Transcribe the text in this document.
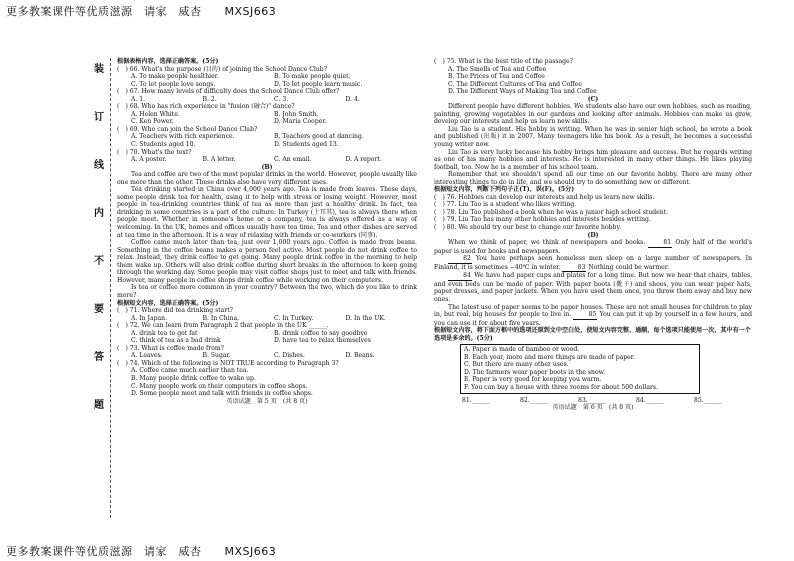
更多教案课件等优质滋源　请家　威杏　　MXSJ663
装
订
线
内
不
要
答
题

根据表格内容，选择正确答案。(5分)

(　) 66. What's the purpose (目的) of joining the School Dance Club?

A. To make people healthier.	B. To make people quiet.
C. To let people love songs.	D. To let people learn music.

(　) 67. How many levels of difficulty does the School Dance Club offer?

A. 1.	B. 2.	C. 3.	D. 4.

(　) 68. Who has rich experience in "fusion (融合)" dance?

A. Helen White.	B. John Smith.
C. Ken Power.	D. Maria Cooper.

(　) 69. Who can join the School Dance Club?

A. Teachers with rich experience.	B. Teachers good at dancing.
C. Students aged 10.	D. Students aged 13.

(　) 70. What's the text?

A. A poster.	B. A letter.	C. An email.	D. A report.

(B)

Tea and coffee are two of the most popular drinks in the world. However, people usually like one more than the other. These drinks also have very different uses.

Tea drinking started in China over 4,000 years ago. Tea is made from leaves. These days, some people drink tea for health, using it to help with stress or losing weight. However, most people in tea-drinking countries think of tea as more than just a healthy drink. In fact, tea drinking in some countries is a part of the culture. In Turkey (土耳其), tea is always there when people meet. Whether in someone's home or a company, tea is always offered as a way of welcoming. In the UK, homes and offices usually have tea time. Tea and other dishes are served at tea time in the afternoon. It is a way of relaxing with friends or co-workers (同事).

Coffee came much later than tea, just over 1,000 years ago. Coffee is made from beans. Something in the coffee beans makes a person feel active. Most people do not drink coffee to relax. Instead, they drink coffee to get going. Many people drink coffee in the morning to help them wake up. Others will also drink coffee during short breaks in the afternoon to keep going through the working day. Some people may visit coffee shops just to meet and talk with friends. However, many people in coffee shops drink coffee while working on their computers.

Is tea or coffee more common in your country? Between the two, which do you like to drink more?

根据短文内容，选择正确答案。(5分)

(　) 71. Where did tea drinking start?

A. In Japan.	B. In China.	C. In Turkey.	D. In the UK.

(　) 72. We can learn from Paragraph 2 that people in the UK ______.

A. drink tea to get fat	B. drink coffee to say goodbye
C. think of tea as a bad drink	D. have tea to relax themselves

(　) 73. What is coffee made from?

A. Leaves.	B. Sugar.	C. Dishes.	D. Beans.

(　) 74. Which of the following is NOT TRUE according to Paragraph 3?

A. Coffee came much earlier than tea.

B. Many people drink coffee to wake up.

C. Many people work on their computers in coffee shops.

D. Some people meet and talk with friends in coffee shops.

英语试题　第 5 页　(共 8 页)

(　) 75. What is the best title of the passage?

A. The Smells of Tea and Coffee

B. The Prices of Tea and Coffee

C. The Different Cultures of Tea and Coffee

D. The Different Ways of Making Tea and Coffee

(C)

Different people have different hobbies. We students also have our own hobbies, such as reading, painting, growing vegetables in our gardens and looking after animals. Hobbies can make us grow, develop our interests and help us learn new skills.

Liu Tao is a student. His hobby is writing. When he was in senior high school, he wrote a book and published (出版) it in 2007. Many teenagers like his book. As a result, he becomes a successful young writer now.

Liu Tao is very lucky because his hobby brings him pleasure and success. But he regards writing as one of his many hobbies and interests. He is interested in many other things. He likes playing football, too. Now he is a member of his school team.

Remember that we shouldn't spend all our time on our favorite hobby. There are many other interesting things to do in life, and we should try to do something new or different.

根据短文内容，判断下列句子正(T)、误(F)。(5分)

(　) 76. Hobbies can develop our interests and help us learn new skills.

(　) 77. Liu Tao is a student who likes writing.

(　) 78. Liu Tao published a book when he was a junior high school student.

(　) 79. Liu Tao has many other hobbies and interests besides writing.

(　) 80. We should try our best to change our favorite hobby.

(D)

When we think of paper, we think of newspapers and books.	81 Only half of the world's paper is used for books and newspapers.

82 You have perhaps seen homeless men sleep on a large number of newspapers. In Finland, it is sometimes −40℃ in winter.	83 Nothing could be warmer.

84 We have had paper cups and plates for a long time. But now we hear that chairs, tables, and even beds can be made of paper. With paper boots (靴子) and shoes, you can wear paper hats, paper dresses, and paper jackets. When you have used them once, you throw them away and buy new ones.

The latest use of paper seems to be paper houses. These are not small houses for children to play in, but real, big houses for people to live in.	85 You can put it up by yourself in a few hours, and you can use it for about five years.

根据短文内容，将下面方框中的选项还原到文中空白处，使短文内容完整、通顺，每个选项只能使用一次，其中有一个选项是多余的。(5分)

A. Paper is made of bamboo or wood.

B. Each year, more and more things are made of paper.

C. But there are many other uses.

D. The farmers wear paper boots in the snow.

E. Paper is very good for keeping you warm.

F. You can buy a house with three rooms for about 500 dollars.

81.______	82.______	83.______	84.______	85.______

英语试题　第 6 页　(共 8 页)

更多教案课件等优质滋源　请家　威杏　　MXSJ663
